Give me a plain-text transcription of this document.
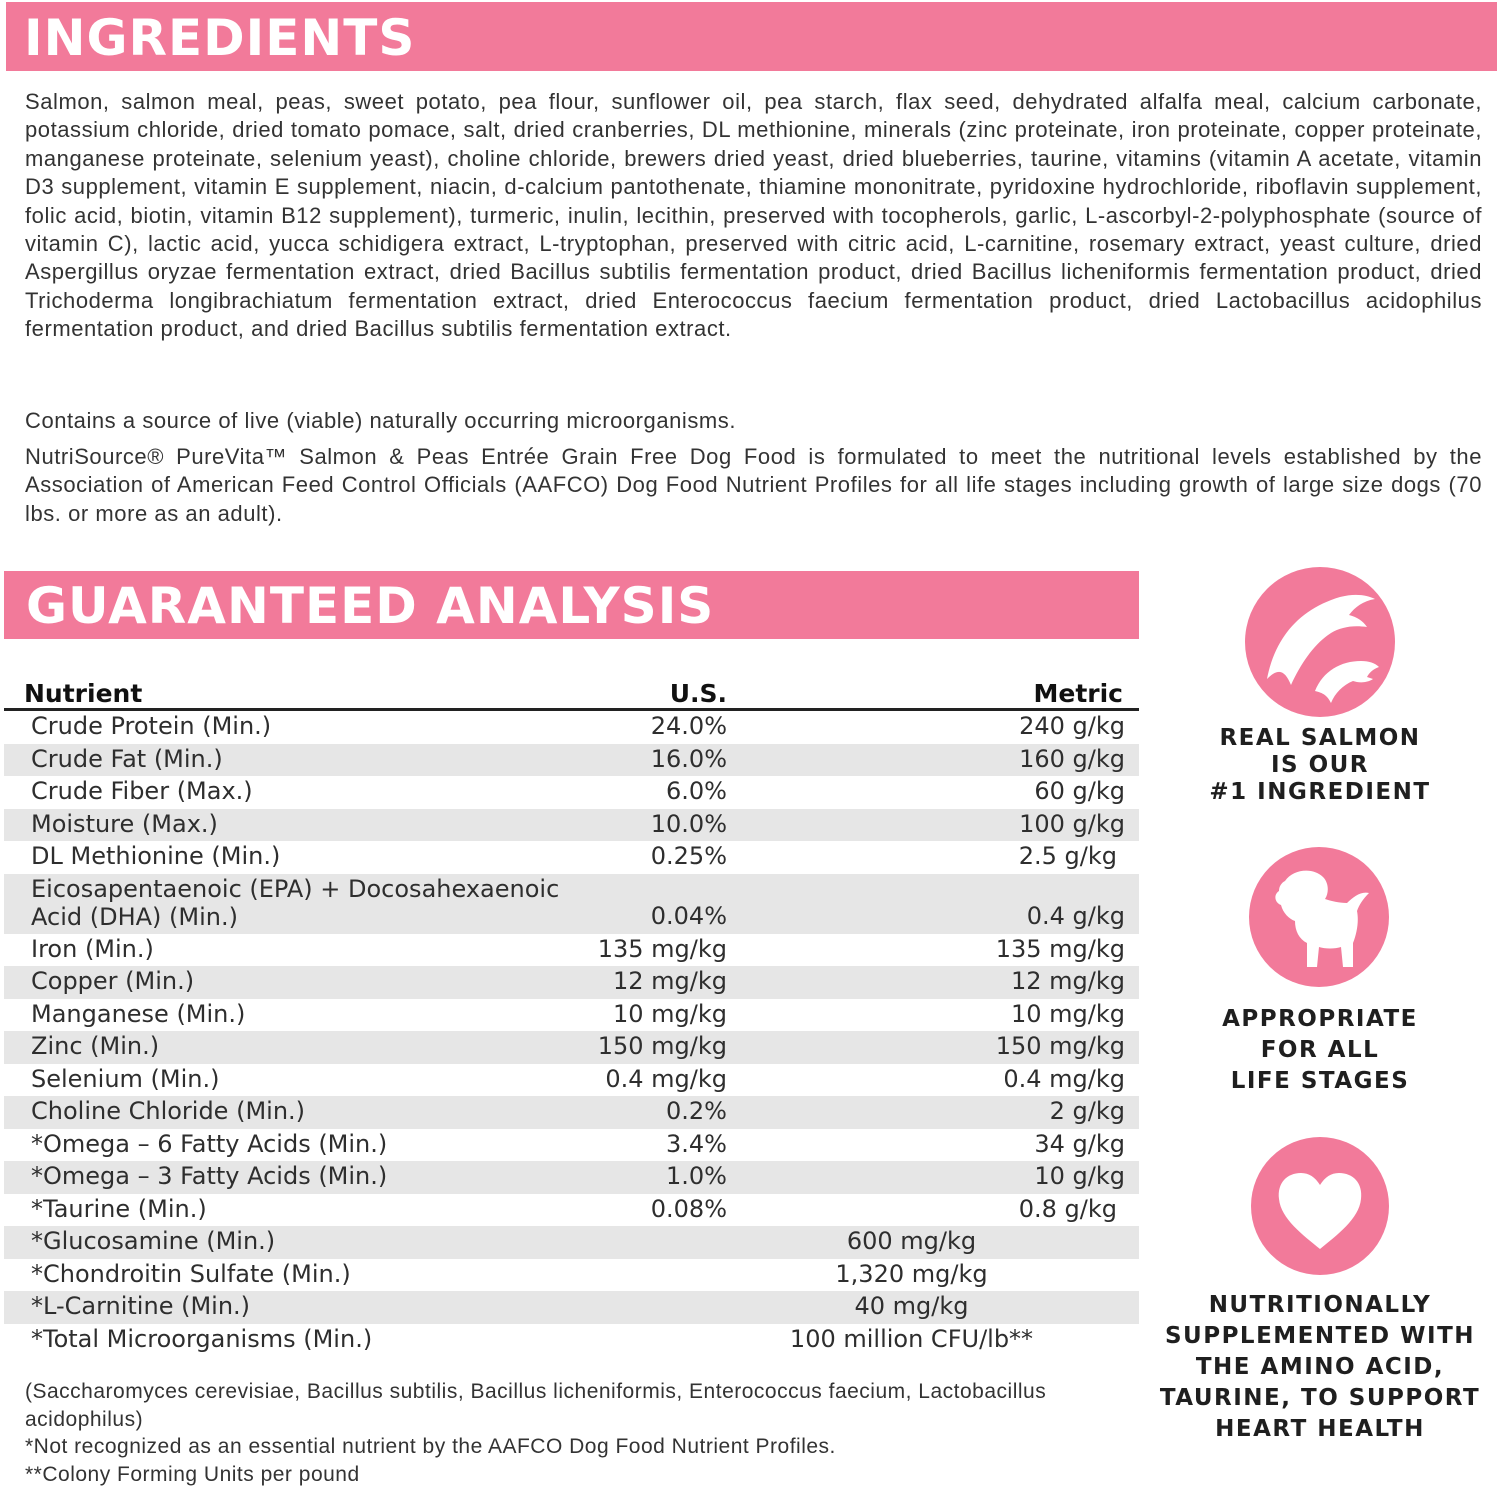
INGREDIENTS
Salmon, salmon meal, peas, sweet potato, pea flour, sunflower oil, pea starch, flax seed, dehydrated alfalfa meal, calcium carbonate, potassium chloride, dried tomato pomace, salt, dried cranberries, DL methionine, minerals (zinc proteinate, iron proteinate, copper proteinate, manganese proteinate, selenium yeast), choline chloride, brewers dried yeast, dried blueberries, taurine, vitamins (vitamin A acetate, vitamin D3 supplement, vitamin E supplement, niacin, d-calcium pantothenate, thiamine mononitrate, pyridoxine hydrochloride, riboflavin supplement, folic acid, biotin, vitamin B12 supplement), turmeric, inulin, lecithin, preserved with tocopherols, garlic, L-ascorbyl-2-polyphosphate (source of vitamin C), lactic acid, yucca schidigera extract, L-tryptophan, preserved with citric acid, L-carnitine, rosemary extract, yeast culture, dried Aspergillus oryzae fermentation extract, dried Bacillus subtilis fermentation product, dried Bacillus licheniformis fermentation product, dried Trichoderma longibrachiatum fermentation extract, dried Enterococcus faecium fermentation product, dried Lactobacillus acidophilus fermentation product, and dried Bacillus subtilis fermentation extract.
Contains a source of live (viable) naturally occurring microorganisms.
NutriSource® PureVita™ Salmon & Peas Entrée Grain Free Dog Food is formulated to meet the nutritional levels established by the Association of American Feed Control Officials (AAFCO) Dog Food Nutrient Profiles for all life stages including growth of large size dogs (70 lbs. or more as an adult).
GUARANTEED ANALYSIS
Nutrient	U.S.	Metric
Crude Protein (Min.)	24.0%	240 g/kg
Crude Fat (Min.)	16.0%	160 g/kg
Crude Fiber (Max.)	6.0%	60 g/kg
Moisture (Max.)	10.0%	100 g/kg
DL Methionine (Min.)	0.25%	2.5 g/kg
Eicosapentaenoic (EPA) + Docosahexaenoic Acid (DHA) (Min.)	0.04%	0.4 g/kg
Iron (Min.)	135 mg/kg	135 mg/kg
Copper (Min.)	12 mg/kg	12 mg/kg
Manganese (Min.)	10 mg/kg	10 mg/kg
Zinc (Min.)	150 mg/kg	150 mg/kg
Selenium (Min.)	0.4 mg/kg	0.4 mg/kg
Choline Chloride (Min.)	0.2%	2 g/kg
*Omega – 6 Fatty Acids (Min.)	3.4%	34 g/kg
*Omega – 3 Fatty Acids (Min.)	1.0%	10 g/kg
*Taurine (Min.)	0.08%	0.8 g/kg
*Glucosamine (Min.)	600 mg/kg
*Chondroitin Sulfate (Min.)	1,320 mg/kg
*L-Carnitine (Min.)	40 mg/kg
*Total Microorganisms (Min.)	100 million CFU/lb**
(Saccharomyces cerevisiae, Bacillus subtilis, Bacillus licheniformis, Enterococcus faecium, Lactobacillus acidophilus)
*Not recognized as an essential nutrient by the AAFCO Dog Food Nutrient Profiles.
**Colony Forming Units per pound
REAL SALMON
IS OUR
#1 INGREDIENT
APPROPRIATE
FOR ALL
LIFE STAGES
NUTRITIONALLY
SUPPLEMENTED WITH
THE AMINO ACID,
TAURINE, TO SUPPORT
HEART HEALTH
